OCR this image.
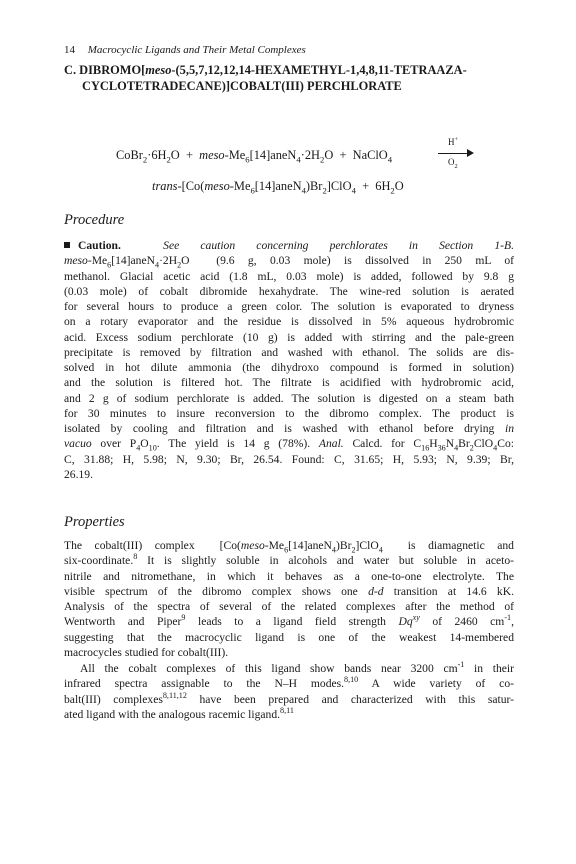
14 Macrocyclic Ligands and Their Metal Complexes
C. DIBROMO[meso-(5,5,7,12,12,14-HEXAMETHYL-1,4,8,11-TETRAAZA-
CYCLOTETRADECANE)]COBALT(III) PERCHLORATE
$CoBr_2\cdot 6H_2O$  +  meso-$Me_6[14]aneN_4\cdot 2H_2O$  +  NaClO$_4$
H+
$O_2$
trans-$[Co(meso-Me_6[14]aneN_4)Br_2]ClO_4 + 6H_2O$
Procedure
Caution.	See caution concerning perchlorates in Section 1-B.
meso-$Me_6[14]aneN_4\cdot 2H_2O$  (9.6 g, 0.03 mole) is dissolved in 250 mL of
methanol. Glacial acetic acid (1.8 mL, 0.03 mole) is added, followed by 9.8 g
(0.03 mole) of cobalt dibromide hexahydrate. The wine-red solution is aerated
for several hours to produce a green color. The solution is evaporated to dryness
on a rotary evaporator and the residue is dissolved in 5% aqueous hydrobromic
acid. Excess sodium perchlorate (10 g) is added with stirring and the pale-green
precipitate is removed by filtration and washed with ethanol. The solids are dis-
solved in hot dilute ammonia (the dihydroxo compound is formed in solution)
and the solution is filtered hot. The filtrate is acidified with hydrobromic acid,
and 2 g of sodium perchlorate is added. The solution is digested on a steam bath
for 30 minutes to insure reconversion to the dibromo complex. The product is
isolated by cooling and filtration and is washed with ethanol before drying in
vacuo over $P_4O_{10}$. The yield is 14 g (78%). Anal. Calcd. for $C_{16}H_{36}N_4Br_2ClO_4Co$:
C, 31.88; H, 5.98; N, 9.30; Br, 26.54. Found: C, 31.65; H, 5.93; N, 9.39; Br,
26.19.
Properties
The cobalt(III) complex  $[Co(meso-Me_6[14]aneN_4)Br_2]ClO_4$  is diamagnetic and
six-coordinate.$^8$ It is slightly soluble in alcohols and water but soluble in aceto-
nitrile and nitromethane, in which it behaves as a one-to-one electrolyte. The
visible spectrum of the dibromo complex shows one d-d transition at 14.6 kK.
Analysis of the spectra of several of the related complexes after the method of
Wentworth and Piper$^9$ leads to a ligand field strength $Dq^{xy}$ of 2460 $cm^{-1}$,
suggesting that the macrocyclic ligand is one of the weakest 14-membered
macrocycles studied for cobalt(III).
All the cobalt complexes of this ligand show bands near 3200 $cm^{-1}$ in their
infrared spectra assignable to the N–H modes.$^{8,10}$ A wide variety of co-
balt(III) complexes$^{8,11,12}$ have been prepared and characterized with this satur-
ated ligand with the analogous racemic ligand.$^{8,11}$
